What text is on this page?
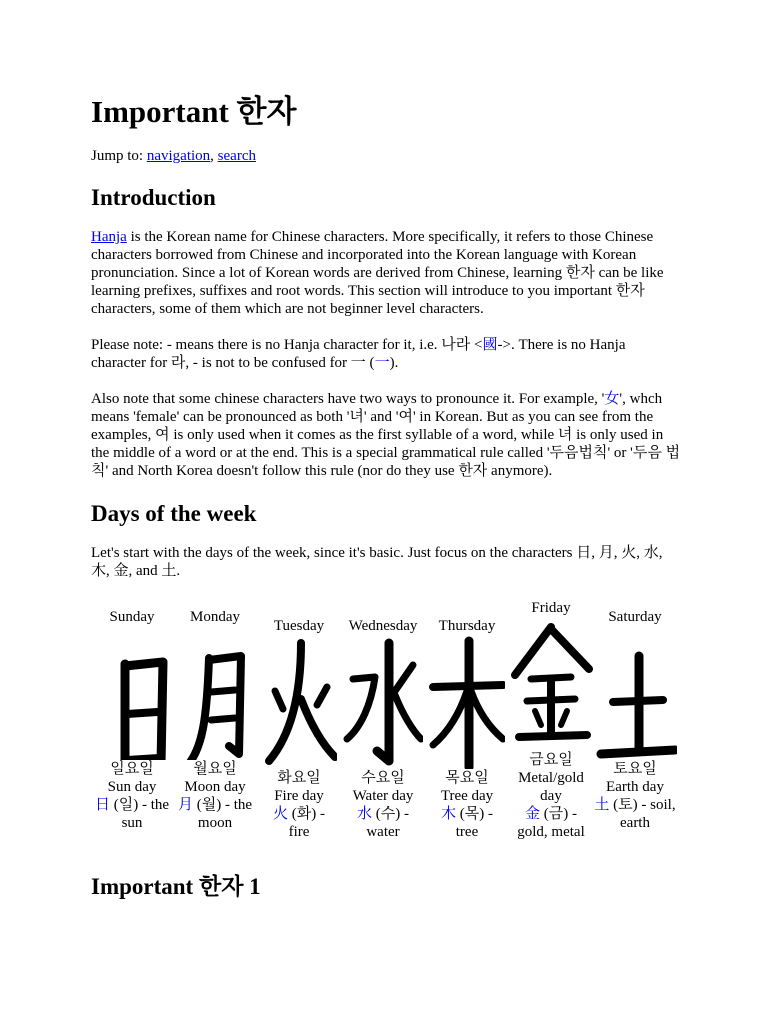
Important 한자

Jump to: navigation, search

Introduction

Hanja is the Korean name for Chinese characters. More specifically, it refers to those Chinese characters borrowed from Chinese and incorporated into the Korean language with Korean pronunciation. Since a lot of Korean words are derived from Chinese, learning 한자 can be like learning prefixes, suffixes and root words. This section will introduce to you important 한자 characters, some of them which are not beginner level characters.

Please note: - means there is no Hanja character for it, i.e. 나라 <國->. There is no Hanja character for 라, - is not to be confused for 一 (一).

Also note that some chinese characters have two ways to pronounce it. For example, '女', whch means 'female' can be pronounced as both '녀' and '여' in Korean. But as you can see from the examples, 여 is only used when it comes as the first syllable of a word, while 녀 is only used in the middle of a word or at the end. This is a special grammatical rule called '두음법칙' or '두음 법칙' and North Korea doesn't follow this rule (nor do they use 한자 anymore).

Days of the week

Let's start with the days of the week, since it's basic. Just focus on the characters 日, 月, 火, 水, 木, 金, and 土.

Sunday
일요일
Sun day
日 (일) - the sun
Monday
월요일
Moon day
月 (월) - the moon
Tuesday
화요일
Fire day
火 (화) - fire
Wednesday
수요일
Water day
水 (수) - water
Thursday
목요일
Tree day
木 (목) - tree
Friday
금요일
Metal/gold day
金 (금) - gold, metal
Saturday
토요일
Earth day
土 (토) - soil, earth
Important 한자 1
